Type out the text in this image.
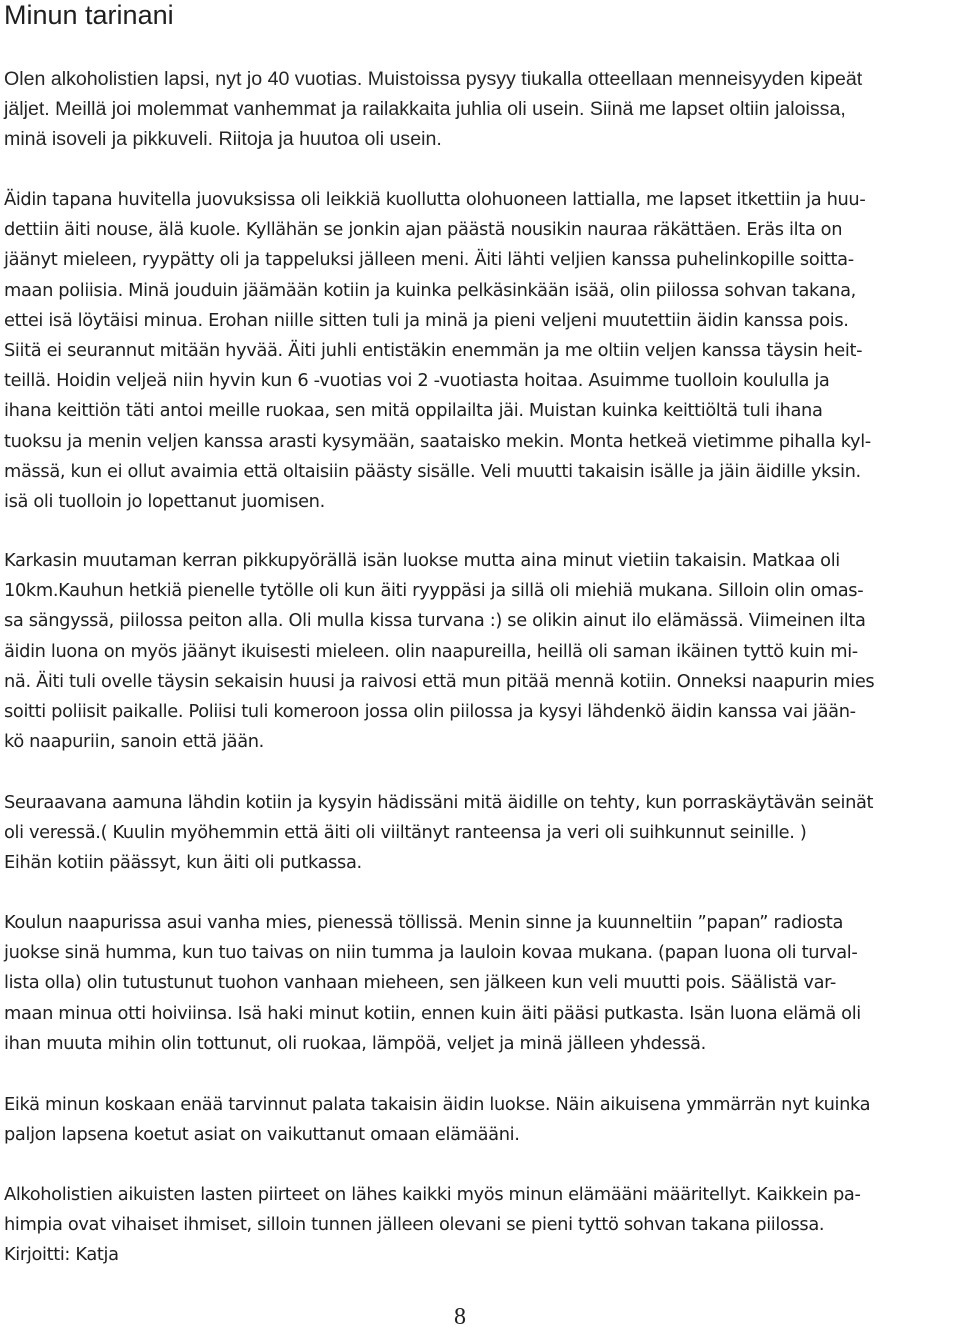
Minun tarinani

Olen alkoholistien lapsi, nyt jo 40 vuotias. Muistoissa pysyy tiukalla otteellaan menneisyyden kipeät
jäljet. Meillä joi molemmat vanhemmat ja railakkaita juhlia oli usein. Siinä me lapset oltiin jaloissa,
minä isoveli ja pikkuveli. Riitoja ja huutoa oli usein.

Äidin tapana huvitella juovuksissa oli leikkiä kuollutta olohuoneen lattialla, me lapset itkettiin ja huu-
dettiin äiti nouse, älä kuole. Kyllähän se jonkin ajan päästä nousikin nauraa räkättäen. Eräs ilta on
jäänyt mieleen, ryypätty oli ja tappeluksi jälleen meni. Äiti lähti veljien kanssa puhelinkopille soitta-
maan poliisia. Minä jouduin jäämään kotiin ja kuinka pelkäsinkään isää, olin piilossa sohvan takana,
ettei isä löytäisi minua. Erohan niille sitten tuli ja minä ja pieni veljeni muutettiin äidin kanssa pois.
Siitä ei seurannut mitään hyvää. Äiti juhli entistäkin enemmän ja me oltiin veljen kanssa täysin heit-
teillä. Hoidin veljeä niin hyvin kun 6 -vuotias voi 2 -vuotiasta hoitaa. Asuimme tuolloin koululla ja
ihana keittiön täti antoi meille ruokaa, sen mitä oppilailta jäi. Muistan kuinka keittiöltä tuli ihana
tuoksu ja menin veljen kanssa arasti kysymään, saataisko mekin. Monta hetkeä vietimme pihalla kyl-
mässä, kun ei ollut avaimia että oltaisiin päästy sisälle. Veli muutti takaisin isälle ja jäin äidille yksin.
isä oli tuolloin jo lopettanut juomisen.

Karkasin muutaman kerran pikkupyörällä isän luokse mutta aina minut vietiin takaisin. Matkaa oli
10km.Kauhun hetkiä pienelle tytölle oli kun äiti ryyppäsi ja sillä oli miehiä mukana. Silloin olin omas-
sa sängyssä, piilossa peiton alla. Oli mulla kissa turvana :) se olikin ainut ilo elämässä. Viimeinen ilta
äidin luona on myös jäänyt ikuisesti mieleen. olin naapureilla, heillä oli saman ikäinen tyttö kuin mi-
nä. Äiti tuli ovelle täysin sekaisin huusi ja raivosi että mun pitää mennä kotiin. Onneksi naapurin mies
soitti poliisit paikalle. Poliisi tuli komeroon jossa olin piilossa ja kysyi lähdenkö äidin kanssa vai jään-
kö naapuriin, sanoin että jään.

Seuraavana aamuna lähdin kotiin ja kysyin hädissäni mitä äidille on tehty, kun porraskäytävän seinät
oli veressä.( Kuulin myöhemmin että äiti oli viiltänyt ranteensa ja veri oli suihkunnut seinille. )
Eihän kotiin päässyt, kun äiti oli putkassa.

Koulun naapurissa asui vanha mies, pienessä töllissä. Menin sinne ja kuunneltiin ”papan” radiosta
juokse sinä humma, kun tuo taivas on niin tumma ja lauloin kovaa mukana. (papan luona oli turval-
lista olla) olin tutustunut tuohon vanhaan mieheen, sen jälkeen kun veli muutti pois. Säälistä var-
maan minua otti hoiviinsa. Isä haki minut kotiin, ennen kuin äiti pääsi putkasta. Isän luona elämä oli
ihan muuta mihin olin tottunut, oli ruokaa, lämpöä, veljet ja minä jälleen yhdessä.

Eikä minun koskaan enää tarvinnut palata takaisin äidin luokse. Näin aikuisena ymmärrän nyt kuinka
paljon lapsena koetut asiat on vaikuttanut omaan elämääni.

Alkoholistien aikuisten lasten piirteet on lähes kaikki myös minun elämääni määritellyt. Kaikkein pa-
himpia ovat vihaiset ihmiset, silloin tunnen jälleen olevani se pieni tyttö sohvan takana piilossa.
Kirjoitti: Katja

8
